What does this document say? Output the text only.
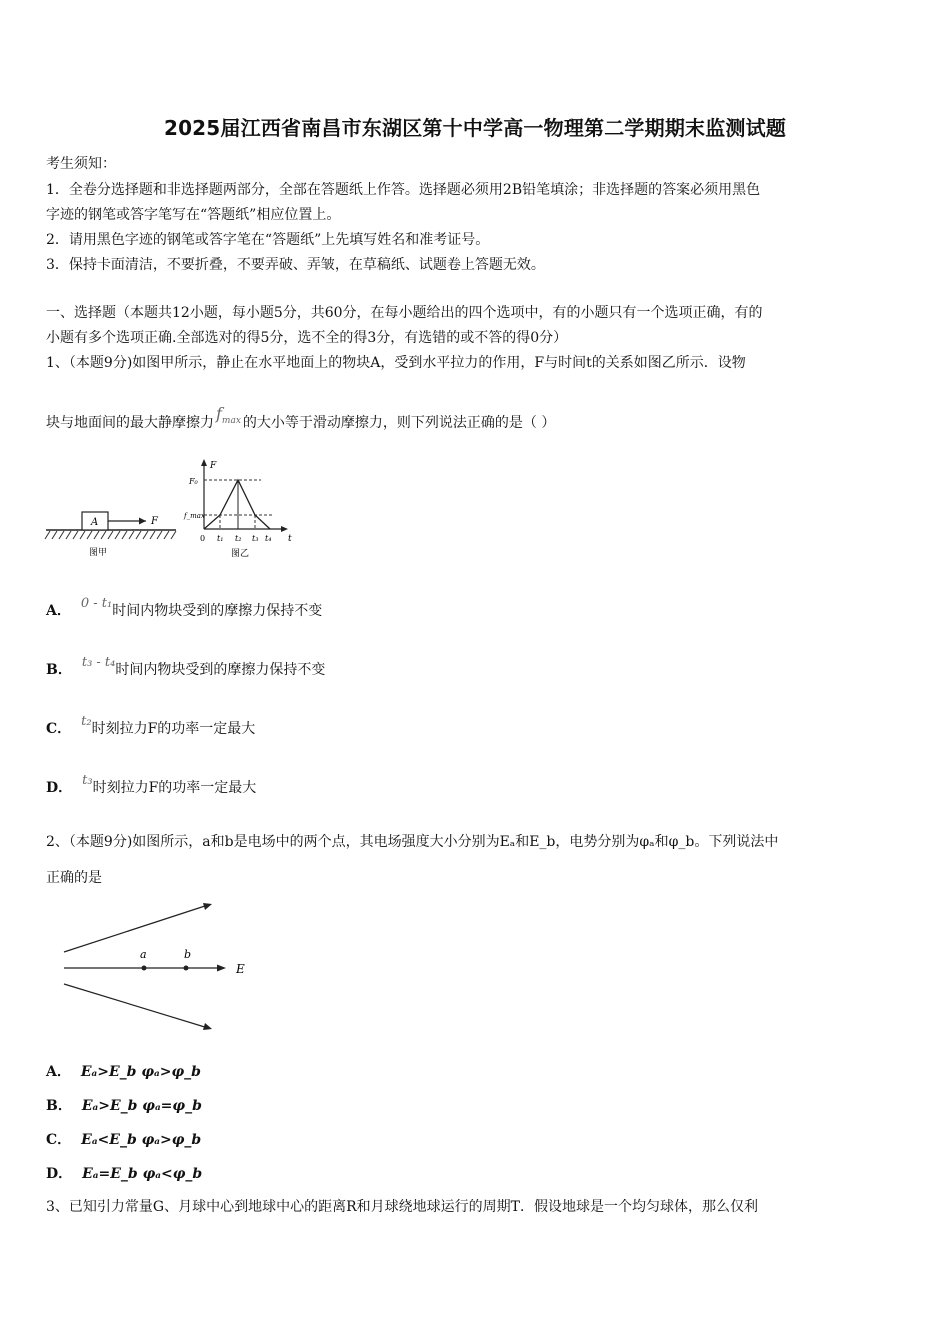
2025届江西省南昌市东湖区第十中学高一物理第二学期期末监测试题
考生须知：
1．全卷分选择题和非选择题两部分，全部在答题纸上作答。选择题必须用2B铅笔填涂；非选择题的答案必须用黑色
字迹的钢笔或答字笔写在“答题纸”相应位置上。
2．请用黑色字迹的钢笔或答字笔在“答题纸”上先填写姓名和准考证号。
3．保持卡面清洁，不要折叠，不要弄破、弄皱，在草稿纸、试题卷上答题无效。
一、选择题（本题共12小题，每小题5分，共60分，在每小题给出的四个选项中，有的小题只有一个选项正确，有的
小题有多个选项正确.全部选对的得5分，选不全的得3分，有选错的或不答的得0分）
1、（本题9分)如图甲所示，静止在水平地面上的物块A，受到水平拉力的作用，F与时间t的关系如图乙所示．设物
块与地面间的最大静摩擦力 $f_{max}$ 的大小等于滑动摩擦力，则下列说法正确的是（ ）
A	F
图甲
F
t
F₀
f_max
0 t₁ t₂ t₃ t₄
图乙
A． 0 - t₁时间内物块受到的摩擦力保持不变
B． t₃ - t₄时间内物块受到的摩擦力保持不变
C． t₂时刻拉力F的功率一定最大
D． t₃时刻拉力F的功率一定最大
2、（本题9分)如图所示，a和b是电场中的两个点，其电场强度大小分别为Eₐ和E_b，电势分别为φₐ和φ_b。下列说法中
正确的是
a	b
E
A． Eₐ>E_b φₐ>φ_b
B． Eₐ>E_b φₐ=φ_b
C． Eₐ<E_b φₐ>φ_b
D． Eₐ=E_b φₐ<φ_b
3、已知引力常量G、月球中心到地球中心的距离R和月球绕地球运行的周期T．假设地球是一个均匀球体，那么仅利
